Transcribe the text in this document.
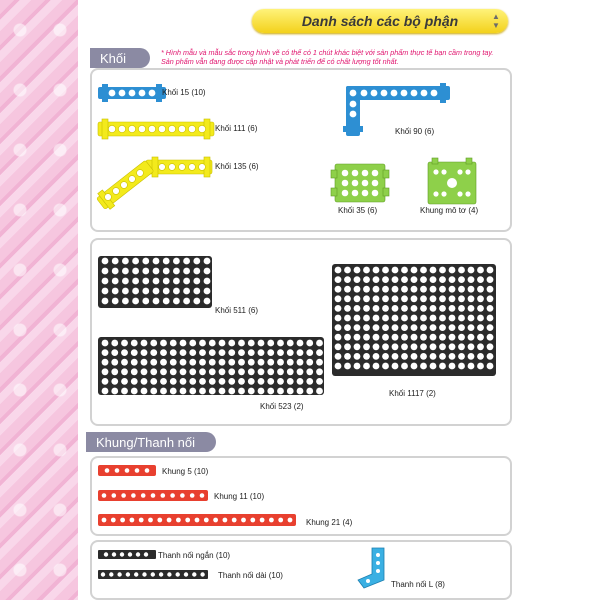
Danh sách các bộ phận	▲
▼
Khối	* Hình mẫu và mẫu sắc trong hình vẽ có thể có 1 chút khác biệt với sản phẩm thực tế bạn cầm trong tay. Sản phẩm vẫn đang được cập nhật và phát triển để có chất lượng tốt nhất.
Khối 15 (10)
Khối 111 (6)
Khối 135 (6)
Khối 90 (6)
Khối 35 (6)	Khung mô tơ (4)
Khối 511 (6)
Khối 523 (2)
Khối 1117 (2)
Khung/Thanh nối
Khung 5 (10)
Khung 11 (10)
Khung 21 (4)
Thanh nối ngắn (10)
Thanh nối dài (10)
Thanh nối L (8)
